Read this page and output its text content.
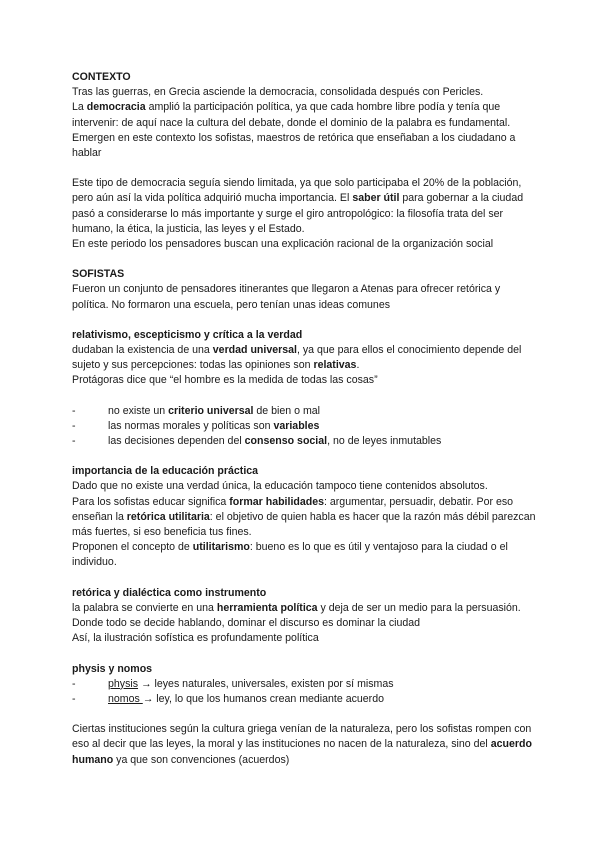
CONTEXTO

Tras las guerras, en Grecia asciende la democracia, consolidada después con Pericles.

La democracia amplió la participación política, ya que cada hombre libre podía y tenía que intervenir: de aquí nace la cultura del debate, donde el dominio de la palabra es fundamental. Emergen en este contexto los sofistas, maestros de retórica que enseñaban a los ciudadano a hablar

Este tipo de democracia seguía siendo limitada, ya que solo participaba el 20% de la población, pero aún así la vida política adquirió mucha importancia. El saber útil para gobernar a la ciudad pasó a considerarse lo más importante y surge el giro antropológico: la filosofía trata del ser humano, la ética, la justicia, las leyes y el Estado.

En este periodo los pensadores buscan una explicación racional de la organización social

SOFISTAS

Fueron un conjunto de pensadores itinerantes que llegaron a Atenas para ofrecer retórica y política. No formaron una escuela, pero tenían unas ideas comunes

relativismo, escepticismo y crítica a la verdad

dudaban la existencia de una verdad universal, ya que para ellos el conocimiento depende del sujeto y sus percepciones: todas las opiniones son relativas.

Protágoras dice que “el hombre es la medida de todas las cosas”

-	no existe un criterio universal de bien o mal
-	las normas morales y políticas son variables
-	las decisiones dependen del consenso social, no de leyes inmutables

importancia de la educación práctica

Dado que no existe una verdad única, la educación tampoco tiene contenidos absolutos.

Para los sofistas educar significa formar habilidades: argumentar, persuadir, debatir. Por eso enseñan la retórica utilitaria: el objetivo de quien habla es hacer que la razón más débil parezcan más fuertes, si eso beneficia tus fines.

Proponen el concepto de utilitarismo: bueno es lo que es útil y ventajoso para la ciudad o el individuo.

retórica y dialéctica como instrumento

la palabra se convierte en una herramienta política y deja de ser un medio para la persuasión. Donde todo se decide hablando, dominar el discurso es dominar la ciudad

Así, la ilustración sofística es profundamente política

physis y nomos

-	physis → leyes naturales, universales, existen por sí mismas
-	nomos → ley, lo que los humanos crean mediante acuerdo

Ciertas instituciones según la cultura griega venían de la naturaleza, pero los sofistas rompen con eso al decir que las leyes, la moral y las instituciones no nacen de la naturaleza, sino del acuerdo humano ya que son convenciones (acuerdos)
